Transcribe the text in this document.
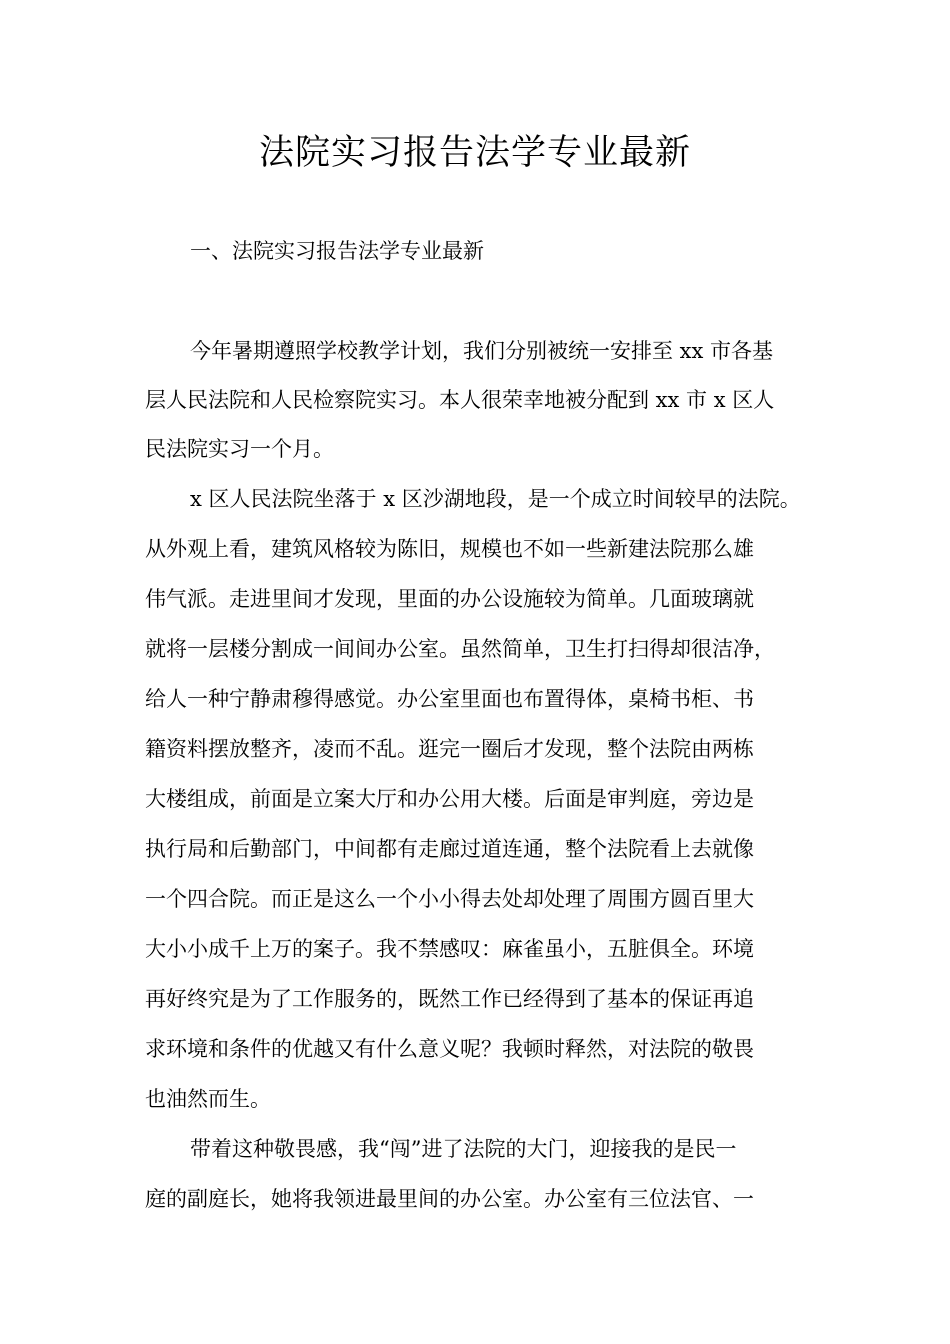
法院实习报告法学专业最新
一、法院实习报告法学专业最新
今年暑期遵照学校教学计划，我们分别被统一安排至 xx 市各基
层人民法院和人民检察院实习。本人很荣幸地被分配到 xx 市 x 区人
民法院实习一个月。
x 区人民法院坐落于 x 区沙湖地段，是一个成立时间较早的法院。
从外观上看，建筑风格较为陈旧，规模也不如一些新建法院那么雄
伟气派。走进里间才发现，里面的办公设施较为简单。几面玻璃就
就将一层楼分割成一间间办公室。虽然简单，卫生打扫得却很洁净，
给人一种宁静肃穆得感觉。办公室里面也布置得体，桌椅书柜、书
籍资料摆放整齐，凌而不乱。逛完一圈后才发现，整个法院由两栋
大楼组成，前面是立案大厅和办公用大楼。后面是审判庭，旁边是
执行局和后勤部门，中间都有走廊过道连通，整个法院看上去就像
一个四合院。而正是这么一个小小得去处却处理了周围方圆百里大
大小小成千上万的案子。我不禁感叹：麻雀虽小，五脏俱全。环境
再好终究是为了工作服务的，既然工作已经得到了基本的保证再追
求环境和条件的优越又有什么意义呢？我顿时释然，对法院的敬畏
也油然而生。
带着这种敬畏感，我“闯”进了法院的大门，迎接我的是民一
庭的副庭长，她将我领进最里间的办公室。办公室有三位法官、一
